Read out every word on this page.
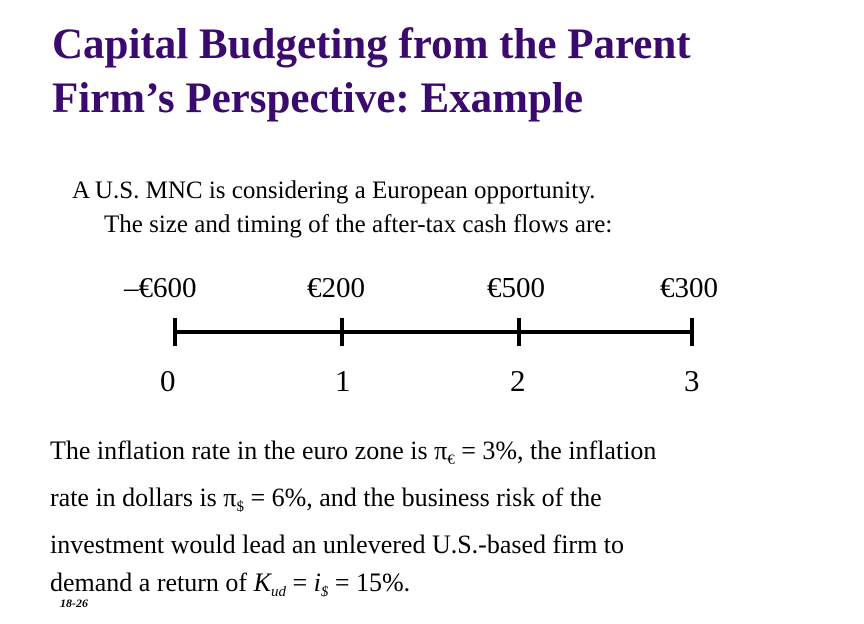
Capital Budgeting from the Parent
Firm’s Perspective: Example
A U.S. MNC is considering a European opportunity.
The size and timing of the after-tax cash flows are:
–€600	€200	€500	€300
0	1	2	3
The inflation rate in the euro zone is $\pi_€ = 3\%$, the inflation
rate in dollars is $\pi_{\$} = 6\%$, and the business risk of the
investment would lead an unlevered U.S.-based firm to
demand a return of $K_{ud} = i_{\$} = 15\%$.
18-26
